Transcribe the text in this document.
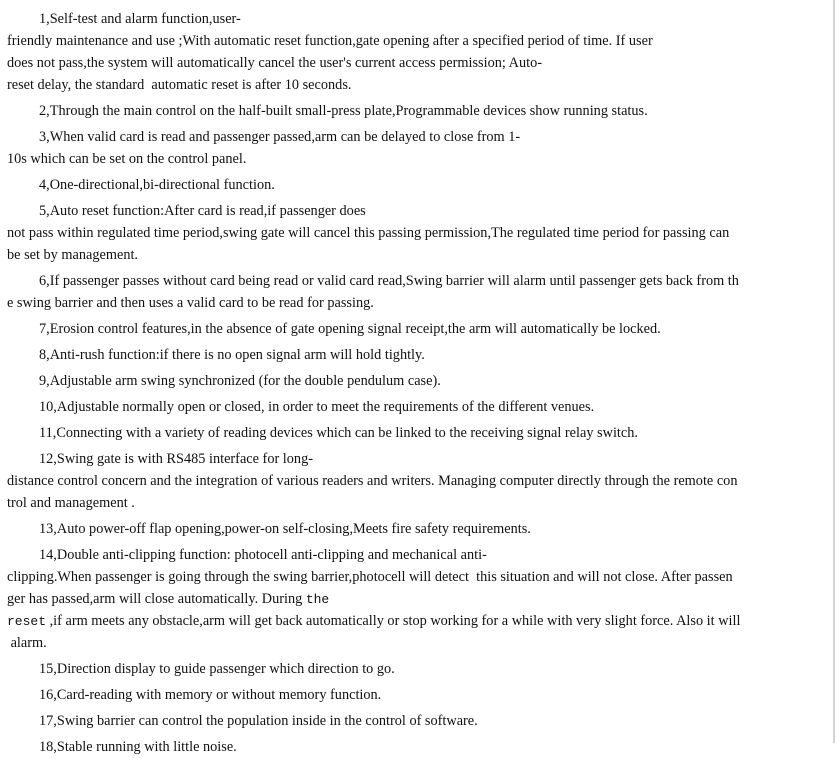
1,Self-test and alarm function,user-
friendly maintenance and use ;With automatic reset function,gate opening after a specified period of time. If user
does not pass,the system will automatically cancel the user's current access permission; Auto-
reset delay, the standard  automatic reset is after 10 seconds.
2,Through the main control on the half-built small-press plate,Programmable devices show running status.
3,When valid card is read and passenger passed,arm can be delayed to close from 1-
10s which can be set on the control panel.
4,One-directional,bi-directional function.
5,Auto reset function:After card is read,if passenger does
not pass within regulated time period,swing gate will cancel this passing permission,The regulated time period for passing can
be set by management.
6,If passenger passes without card being read or valid card read,Swing barrier will alarm until passenger gets back from th
e swing barrier and then uses a valid card to be read for passing.
7,Erosion control features,in the absence of gate opening signal receipt,the arm will automatically be locked.
8,Anti-rush function:if there is no open signal arm will hold tightly.
9,Adjustable arm swing synchronized (for the double pendulum case).
10,Adjustable normally open or closed, in order to meet the requirements of the different venues.
11,Connecting with a variety of reading devices which can be linked to the receiving signal relay switch.
12,Swing gate is with RS485 interface for long-
distance control concern and the integration of various readers and writers. Managing computer directly through the remote con
trol and management .
13,Auto power-off flap opening,power-on self-closing,Meets fire safety requirements.
14,Double anti-clipping function: photocell anti-clipping and mechanical anti-
clipping.When passenger is going through the swing barrier,photocell will detect  this situation and will not close. After passen
ger has passed,arm will close automatically. During the
reset ,if arm meets any obstacle,arm will get back automatically or stop working for a while with very slight force. Also it will
alarm.
15,Direction display to guide passenger which direction to go.
16,Card-reading with memory or without memory function.
17,Swing barrier can control the population inside in the control of software.
18,Stable running with little noise.
